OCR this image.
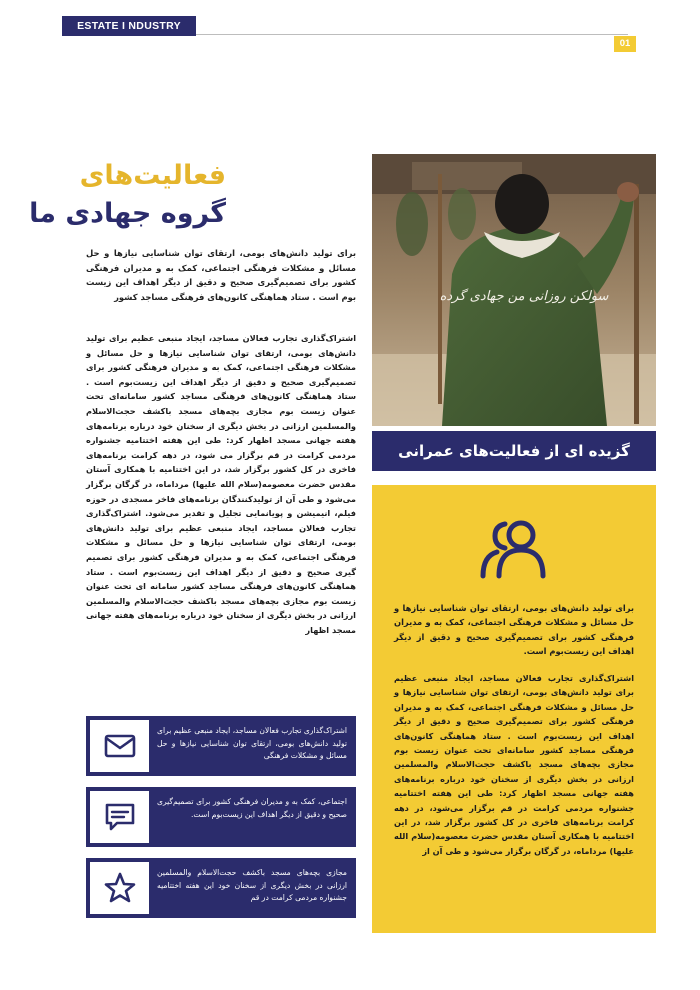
ESTATE I NDUSTRY
01
فعالیت‌های
گروه جهادی ما
برای تولید دانش‌های بومی، ارتقای توان شناسایی نیازها و حل مسائل و مشکلات فرهنگی اجتماعی، کمک به و مدیران فرهنگی کشور برای تصمیم‌گیری صحیح و دقیق از دیگر اهداف این زیست بوم است . ستاد هماهنگی کانون‌های فرهنگی مساجد کشور
اشتراک‌گذاری تجارب فعالان مساجد، ایجاد منبعی عظیم برای تولید دانش‌های بومی، ارتقای توان شناسایی نیازها و حل مسائل و مشکلات فرهنگی اجتماعی، کمک به و مدیران فرهنگی کشور برای تصمیم‌گیری صحیح و دقیق از دیگر اهداف این زیست‌بوم است . ستاد هماهنگی کانون‌های فرهنگی مساجد کشور سامانه‌ای تحت عنوان زیست بوم مجازی بچه‌های مسجد باکشف حجت‌الاسلام والمسلمین ارزانی در بخش دیگری از سخنان خود درباره برنامه‌های هفته جهانی مسجد اظهار کرد: طی این هفته اختتامیه جشنواره مردمی کرامت در قم برگزار می شود، در دهه کرامت برنامه‌های فاخری در کل کشور برگزار شد، در این اختتامیه با همکاری آستان مقدس حضرت معصومه(سلام الله علیها) مرداماه، در گرگان برگزار می‌شود و طی آن از تولیدکنندگان برنامه‌های فاخر مسجدی در حوزه فیلم، انیمیشن و پویانمایی تجلیل و تقدیر می‌شود. اشتراک‌گذاری تجارب فعالان مساجد، ایجاد منبعی عظیم برای تولید دانش‌های بومی، ارتقای توان شناسایی نیازها و حل مسائل و مشکلات فرهنگی اجتماعی، کمک به و مدیران فرهنگی کشور برای تصمیم گیری صحیح و دقیق از دیگر اهداف این زیست‌بوم است . ستاد هماهنگی کانون‌های فرهنگی مساجد کشور سامانه ای تحت عنوان زیست بوم مجازی بچه‌های مسجد باکشف حجت‌الاسلام والمسلمین ارزانی در بخش دیگری از سخنان خود درباره برنامه‌های هفته جهانی مسجد اظهار
سولکن روزانی من جهادی گرده
گزیده ای از فعالیت‌های عمرانی
برای تولید دانش‌های بومی، ارتقای توان شناسایی نیازها و حل مسائل و مشکلات فرهنگی اجتماعی، کمک به و مدیران فرهنگی کشور برای تصمیم‌گیری صحیح و دقیق از دیگر اهداف این زیست‌بوم است.
اشتراک‌گذاری تجارب فعالان مساجد، ایجاد منبعی عظیم برای تولید دانش‌های بومی، ارتقای توان شناسایی نیازها و حل مسائل و مشکلات فرهنگی اجتماعی، کمک به و مدیران فرهنگی کشور برای تصمیم‌گیری صحیح و دقیق از دیگر اهداف این زیست‌بوم است . ستاد هماهنگی کانون‌های فرهنگی مساجد کشور سامانه‌ای تحت عنوان زیست بوم مجازی بچه‌های مسجد باکشف حجت‌الاسلام والمسلمین ارزانی در بخش دیگری از سخنان خود درباره برنامه‌های هفته جهانی مسجد اظهار کرد: طی این هفته اختتامیه جشنواره مردمی کرامت در قم برگزار می‌شود، در دهه کرامت برنامه‌های فاخری در کل کشور برگزار شد، در این اختتامیه با همکاری آستان مقدس حضرت معصومه(سلام الله علیها) مرداماه، در گرگان برگزار می‌شود و طی آن از
اشتراک‌گذاری تجارب فعالان مساجد، ایجاد منبعی عظیم برای تولید دانش‌های بومی، ارتقای توان شناسایی نیازها و حل مسائل و مشکلات فرهنگی
اجتماعی، کمک به و مدیران فرهنگی کشور برای تصمیم‌گیری صحیح و دقیق از دیگر اهداف این زیست‌بوم است.
مجازی بچه‌های مسجد باکشف حجت‌الاسلام والمسلمین ارزانی در بخش دیگری از سخنان خود این هفته اختتامیه جشنواره مردمی کرامت در قم
